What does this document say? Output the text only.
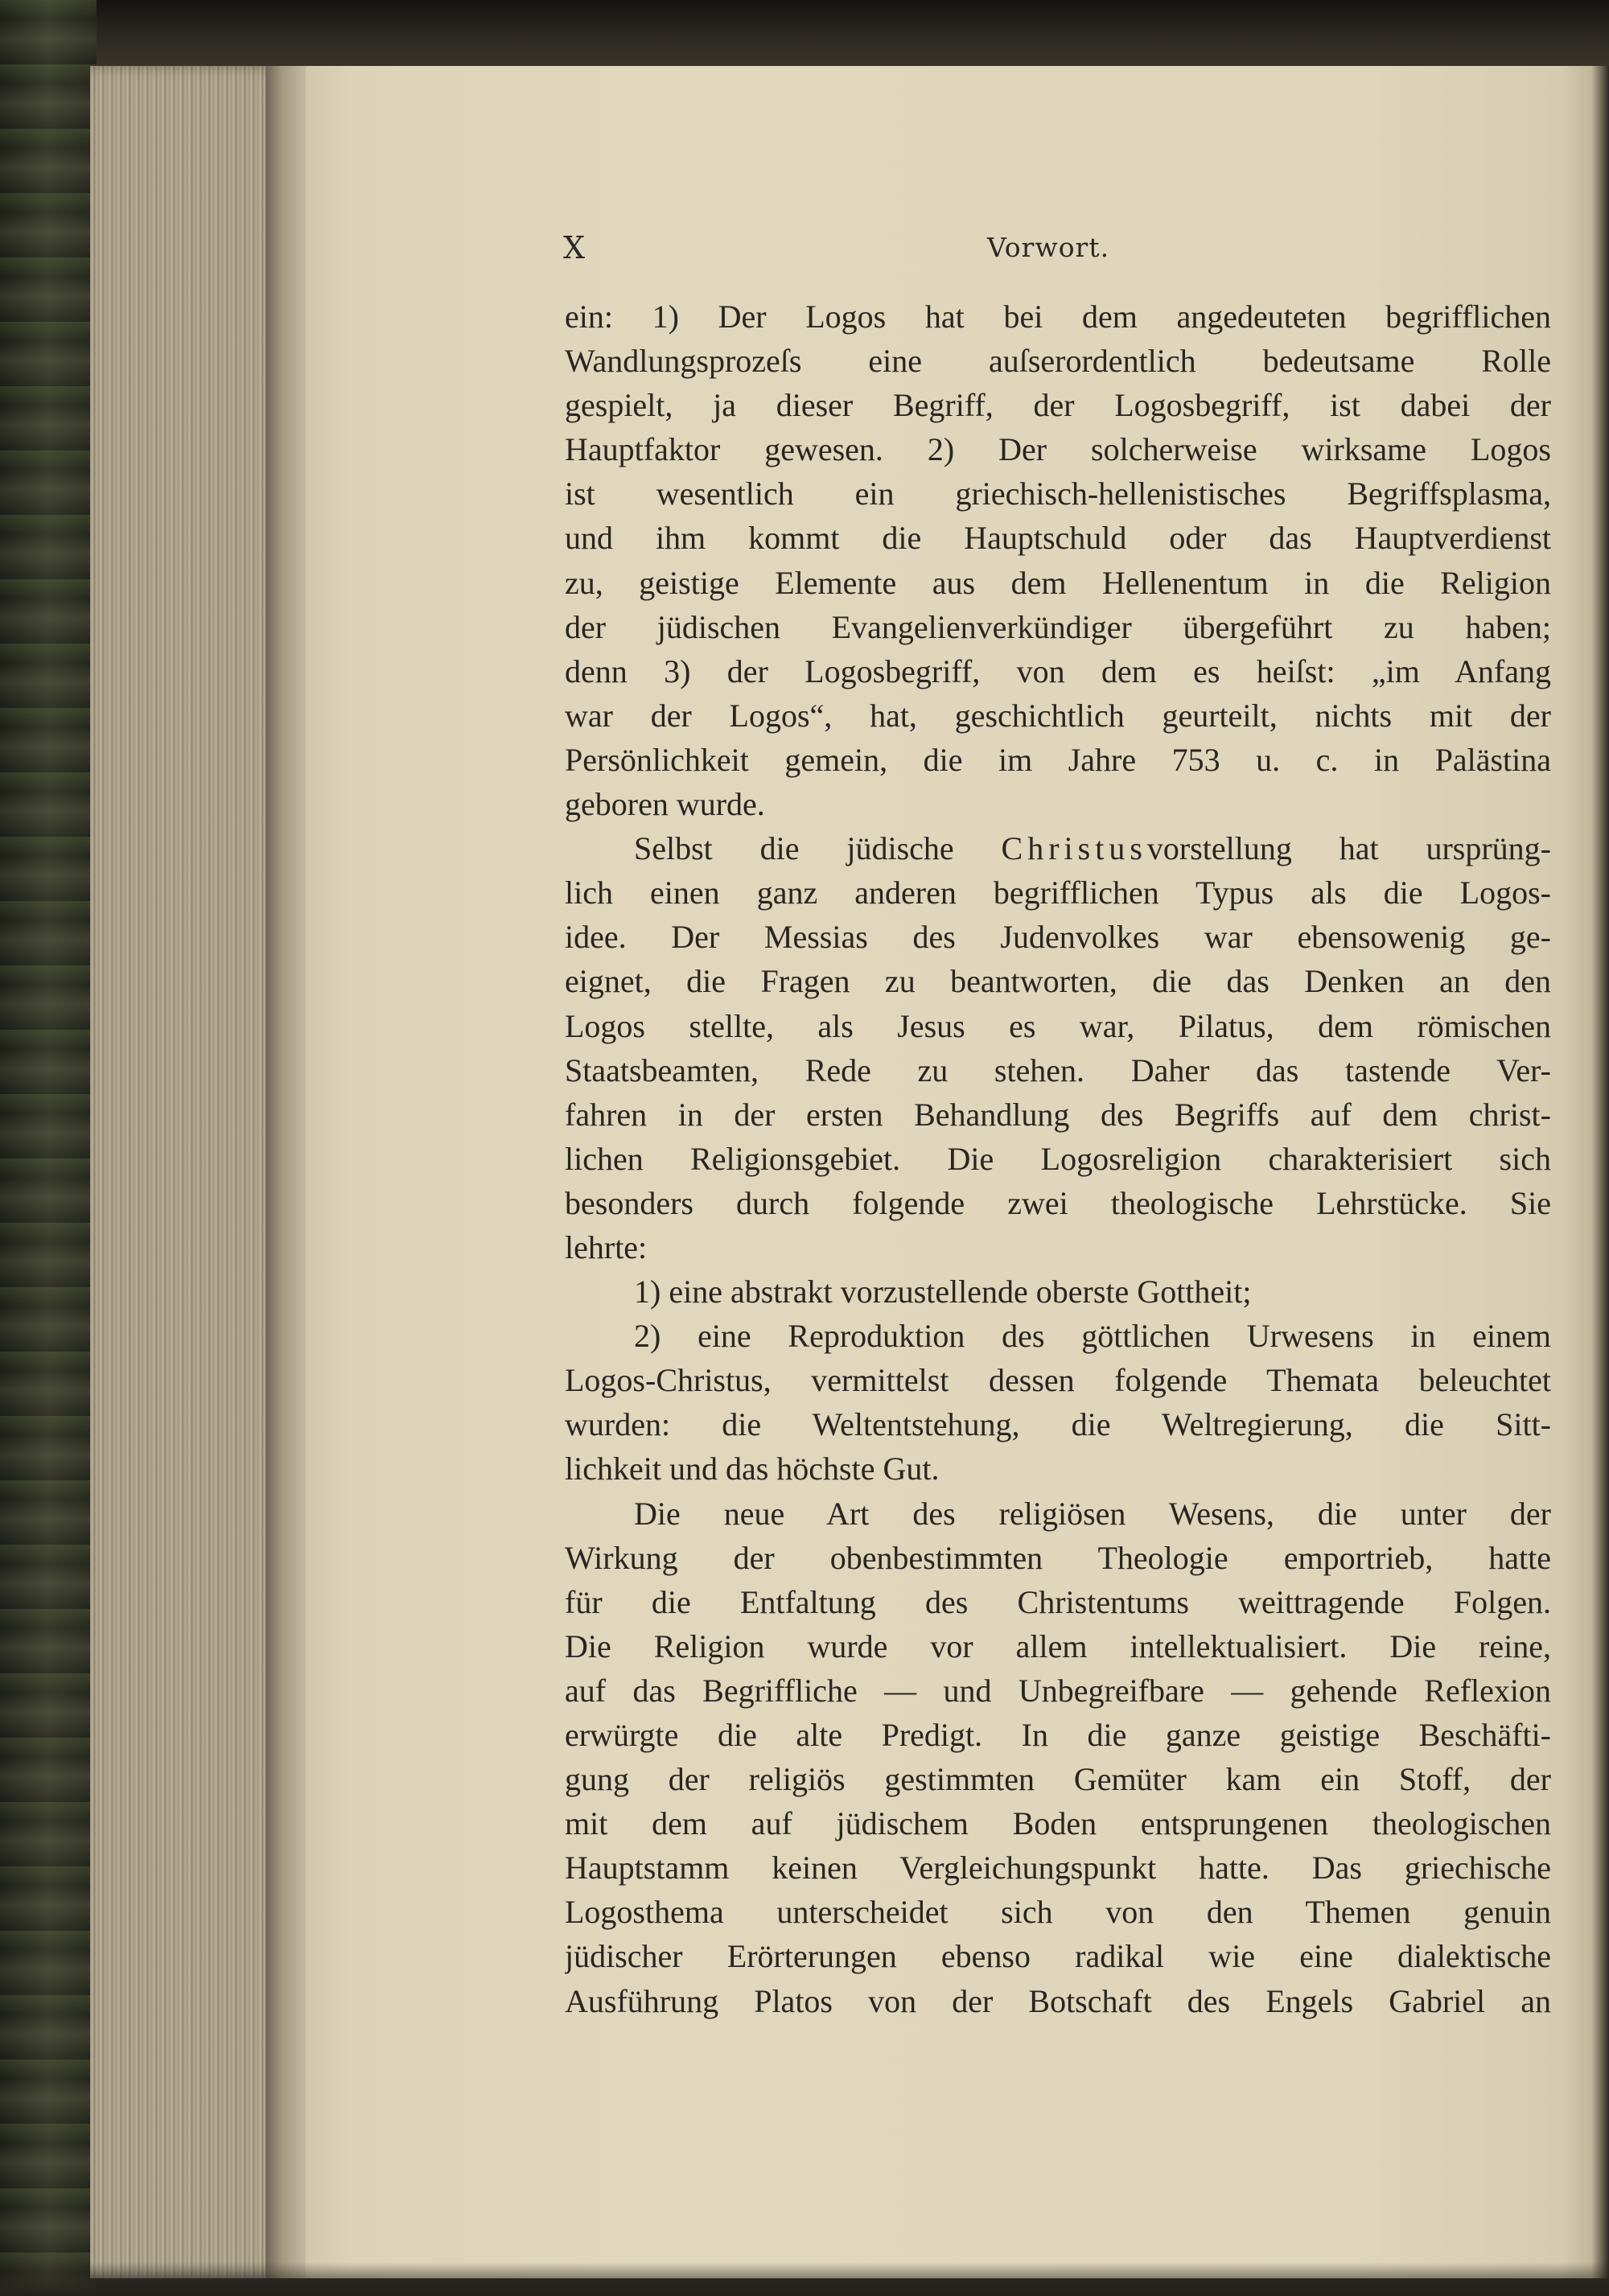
X	Vorwort.
ein: 1) Der Logos hat bei dem angedeuteten begrifflichen
Wandlungsprozeſs eine auſserordentlich bedeutsame Rolle
gespielt, ja dieser Begriff, der Logosbegriff, ist dabei der
Hauptfaktor gewesen. 2) Der solcherweise wirksame Logos
ist wesentlich ein griechisch-hellenistisches Begriffsplasma,
und ihm kommt die Hauptschuld oder das Hauptverdienst
zu, geistige Elemente aus dem Hellenentum in die Religion
der jüdischen Evangelienverkündiger übergeführt zu haben;
denn 3) der Logosbegriff, von dem es heiſst: „im Anfang
war der Logos“, hat, geschichtlich geurteilt, nichts mit der
Persönlichkeit gemein, die im Jahre 753 u. c. in Palästina
geboren wurde.
Selbst die jüdische Christusvorstellung hat ursprüng-
lich einen ganz anderen begrifflichen Typus als die Logos-
idee. Der Messias des Judenvolkes war ebensowenig ge-
eignet, die Fragen zu beantworten, die das Denken an den
Logos stellte, als Jesus es war, Pilatus, dem römischen
Staatsbeamten, Rede zu stehen. Daher das tastende Ver-
fahren in der ersten Behandlung des Begriffs auf dem christ-
lichen Religionsgebiet. Die Logosreligion charakterisiert sich
besonders durch folgende zwei theologische Lehrstücke. Sie
lehrte:
1) eine abstrakt vorzustellende oberste Gottheit;
2) eine Reproduktion des göttlichen Urwesens in einem
Logos-Christus, vermittelst dessen folgende Themata beleuchtet
wurden: die Weltentstehung, die Weltregierung, die Sitt-
lichkeit und das höchste Gut.
Die neue Art des religiösen Wesens, die unter der
Wirkung der obenbestimmten Theologie emportrieb, hatte
für die Entfaltung des Christentums weittragende Folgen.
Die Religion wurde vor allem intellektualisiert. Die reine,
auf das Begriffliche — und Unbegreifbare — gehende Reflexion
erwürgte die alte Predigt. In die ganze geistige Beschäfti-
gung der religiös gestimmten Gemüter kam ein Stoff, der
mit dem auf jüdischem Boden entsprungenen theologischen
Hauptstamm keinen Vergleichungspunkt hatte. Das griechische
Logosthema unterscheidet sich von den Themen genuin
jüdischer Erörterungen ebenso radikal wie eine dialektische
Ausführung Platos von der Botschaft des Engels Gabriel an
